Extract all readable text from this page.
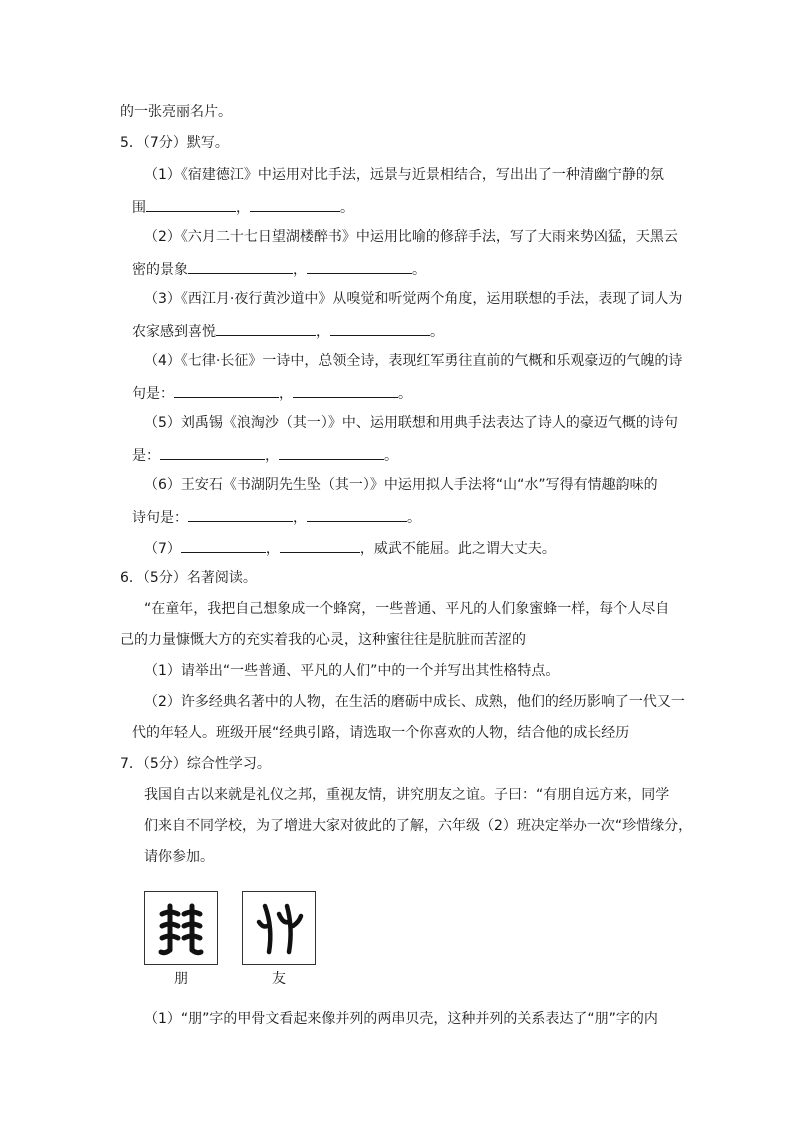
的一张亮丽名片。
5．（7分）默写。
（1）《宿建德江》中运用对比手法，远景与近景相结合，写出出了一种清幽宁静的氛
围	，	。
（2）《六月二十七日望湖楼醉书》中运用比喻的修辞手法，写了大雨来势凶猛，天黑云
密的景象	，	。
（3）《西江月·夜行黄沙道中》从嗅觉和听觉两个角度，运用联想的手法，表现了词人为
农家感到喜悦	，	。
（4）《七律·长征》一诗中，总领全诗，表现红军勇往直前的气概和乐观豪迈的气魄的诗
句是：	，	。
（5）刘禹锡《浪淘沙（其一）》中、运用联想和用典手法表达了诗人的豪迈气概的诗句
是：	，	。
（6）王安石《书湖阴先生坠（其一）》中运用拟人手法将“山“水”写得有情趣韵味的
诗句是：	，	。
（7）	，	，威武不能屈。此之谓大丈夫。
6．（5分）名著阅读。
“在童年，我把自己想象成一个蜂窝，一些普通、平凡的人们象蜜蜂一样，每个人尽自
己的力量慷慨大方的充实着我的心灵，这种蜜往往是肮脏而苦涩的
（1）请举出“一些普通、平凡的人们”中的一个并写出其性格特点。
（2）许多经典名著中的人物，在生活的磨砺中成长、成熟，他们的经历影响了一代又一
代的年轻人。班级开展“经典引路，请选取一个你喜欢的人物，结合他的成长经历
7．（5分）综合性学习。
我国自古以来就是礼仪之邦，重视友情，讲究朋友之谊。子曰：“有朋自远方来，同学
们来自不同学校，为了增进大家对彼此的了解，六年级（2）班决定举办一次“珍惜缘分，
请你参加。
朋	友
（1）“朋”字的甲骨文看起来像并列的两串贝壳，这种并列的关系表达了“朋”字的内
